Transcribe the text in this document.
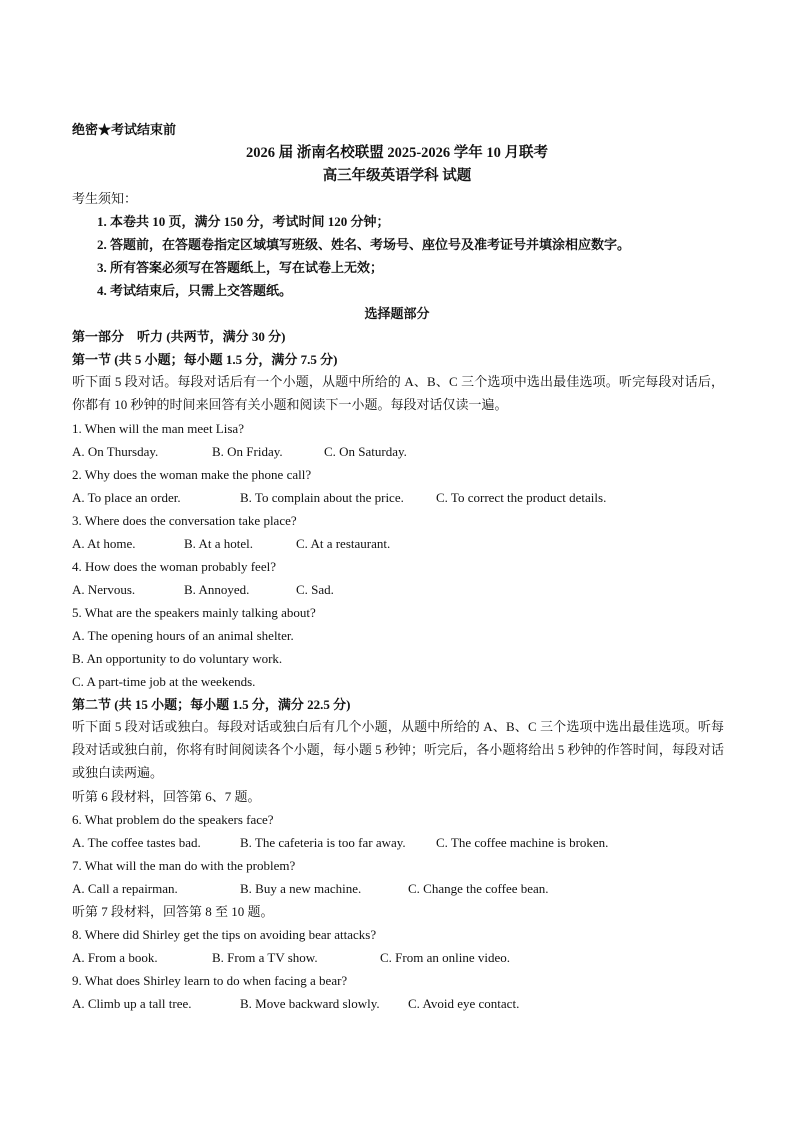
绝密★考试结束前
2026 届 浙南名校联盟 2025-2026 学年 10 月联考
高三年级英语学科 试题
考生须知：
1. 本卷共 10 页，满分 150 分，考试时间 120 分钟；
2. 答题前，在答题卷指定区域填写班级、姓名、考场号、座位号及准考证号并填涂相应数字。
3. 所有答案必须写在答题纸上，写在试卷上无效；
4. 考试结束后，只需上交答题纸。
选择题部分
第一部分　听力 (共两节，满分 30 分)
第一节 (共 5 小题；每小题 1.5 分，满分 7.5 分)
听下面 5 段对话。每段对话后有一个小题，从题中所给的 A、B、C 三个选项中选出最佳选项。听完每段对话后，你都有 10 秒钟的时间来回答有关小题和阅读下一小题。每段对话仅读一遍。
1. When will the man meet Lisa?
A. On Thursday.	B. On Friday.	C. On Saturday.
2. Why does the woman make the phone call?
A. To place an order.	B. To complain about the price. C. To correct the product details.
3. Where does the conversation take place?
A. At home.	B. At a hotel.	C. At a restaurant.
4. How does the woman probably feel?
A. Nervous.	B. Annoyed.	C. Sad.
5. What are the speakers mainly talking about?
A. The opening hours of an animal shelter.
B. An opportunity to do voluntary work.
C. A part-time job at the weekends.
第二节 (共 15 小题；每小题 1.5 分，满分 22.5 分)
听下面 5 段对话或独白。每段对话或独白后有几个小题，从题中所给的 A、B、C 三个选项中选出最佳选项。听每段对话或独白前，你将有时间阅读各个小题，每小题 5 秒钟；听完后，各小题将给出 5 秒钟的作答时间，每段对话或独白读两遍。
听第 6 段材料，回答第 6、7 题。
6. What problem do the speakers face?
A. The coffee tastes bad.	B. The cafeteria is too far away. C. The coffee machine is broken.
7. What will the man do with the problem?
A. Call a repairman.	B. Buy a new machine.	C. Change the coffee bean.
听第 7 段材料，回答第 8 至 10 题。
8. Where did Shirley get the tips on avoiding bear attacks?
A. From a book.	B. From a TV show.	C. From an online video.
9. What does Shirley learn to do when facing a bear?
A. Climb up a tall tree.	B. Move backward slowly. C. Avoid eye contact.
